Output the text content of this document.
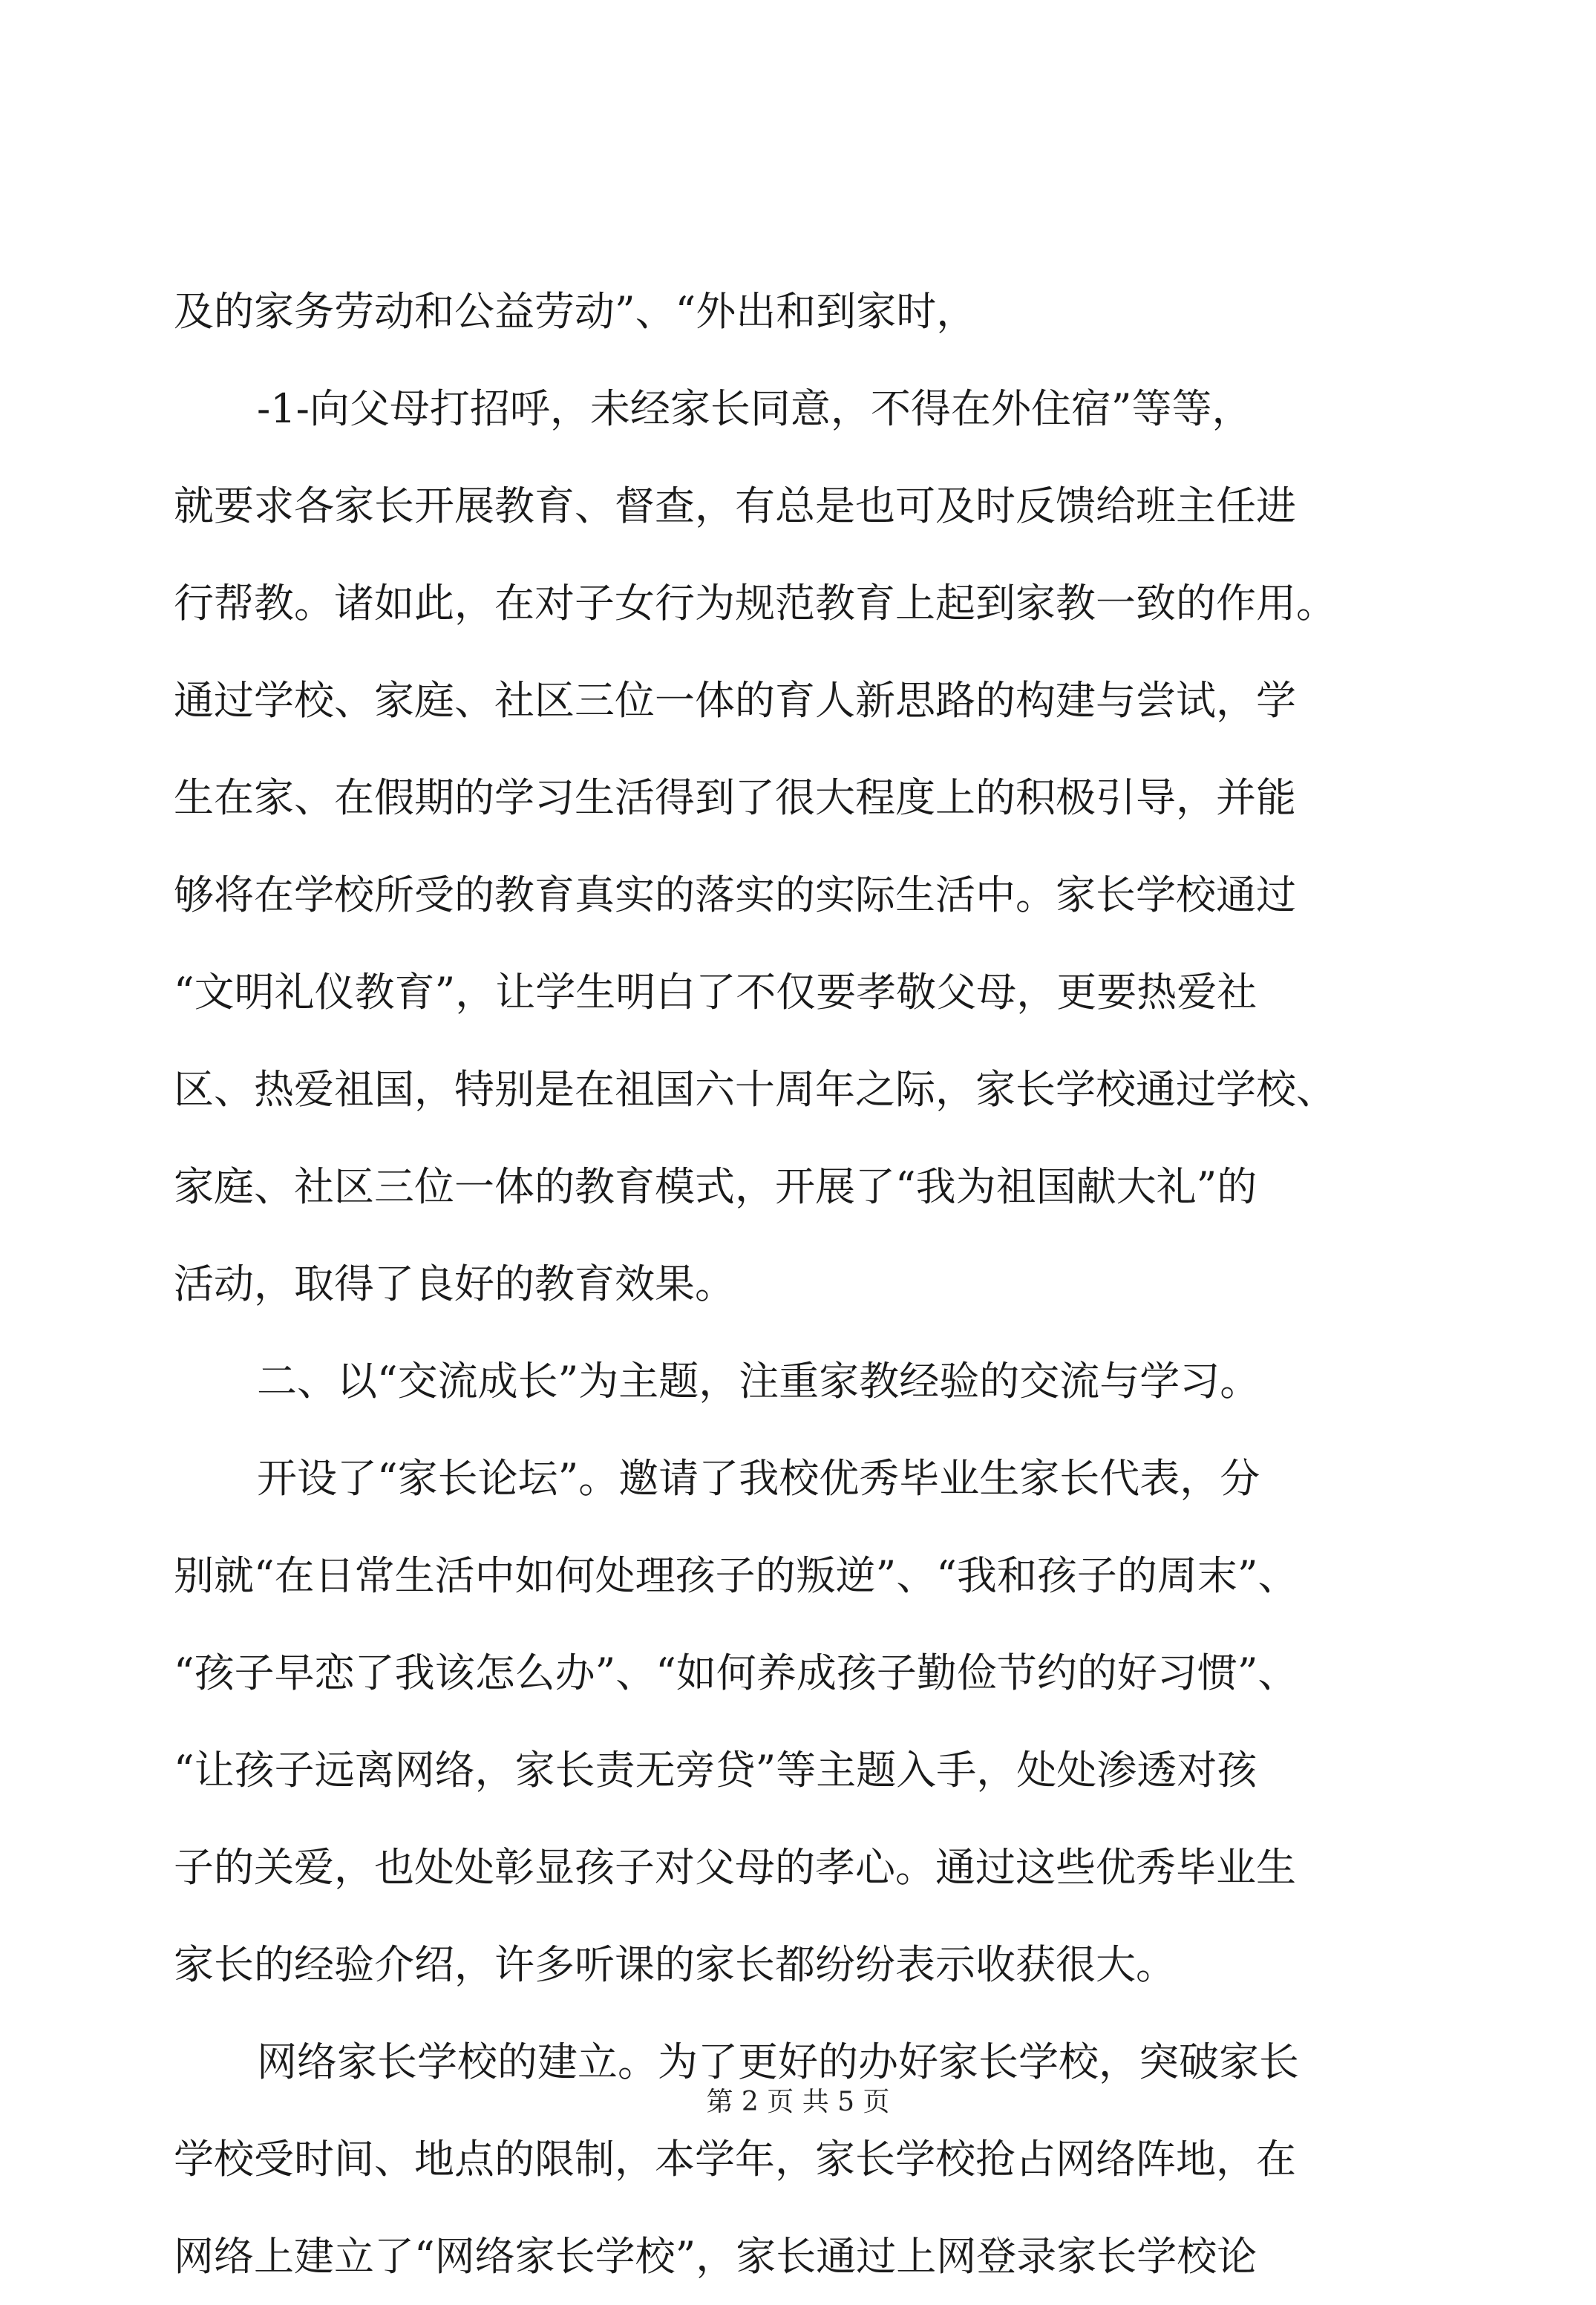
及的家务劳动和公益劳动”、“外出和到家时，
-1-向父母打招呼，未经家长同意，不得在外住宿”等等，
就要求各家长开展教育、督查，有总是也可及时反馈给班主任进
行帮教。诸如此，在对子女行为规范教育上起到家教一致的作用。
通过学校、家庭、社区三位一体的育人新思路的构建与尝试，学
生在家、在假期的学习生活得到了很大程度上的积极引导，并能
够将在学校所受的教育真实的落实的实际生活中。家长学校通过
“文明礼仪教育”，让学生明白了不仅要孝敬父母，更要热爱社
区、热爱祖国，特别是在祖国六十周年之际，家长学校通过学校、
家庭、社区三位一体的教育模式，开展了“我为祖国献大礼”的
活动，取得了良好的教育效果。
二、以“交流成长”为主题，注重家教经验的交流与学习。
开设了“家长论坛”。邀请了我校优秀毕业生家长代表，分
别就“在日常生活中如何处理孩子的叛逆”、“我和孩子的周末”、
“孩子早恋了我该怎么办”、“如何养成孩子勤俭节约的好习惯”、
“让孩子远离网络，家长责无旁贷”等主题入手，处处渗透对孩
子的关爱，也处处彰显孩子对父母的孝心。通过这些优秀毕业生
家长的经验介绍，许多听课的家长都纷纷表示收获很大。
网络家长学校的建立。为了更好的办好家长学校，突破家长
学校受时间、地点的限制，本学年，家长学校抢占网络阵地，在
网络上建立了“网络家长学校”，家长通过上网登录家长学校论
第 2 页 共 5 页
